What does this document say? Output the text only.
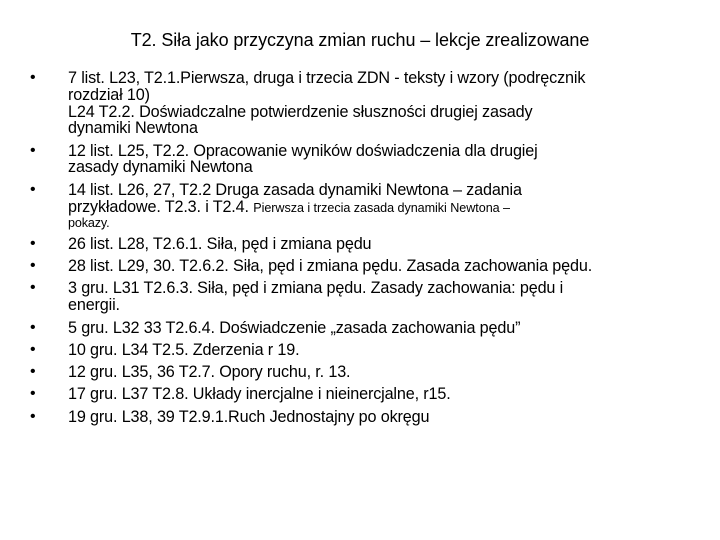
T2. Siła jako przyczyna zmian ruchu – lekcje zrealizowane
• 7 list. L23, T2.1.Pierwsza, druga i trzecia ZDN - teksty i wzory (podręcznik
rozdział 10)
L24 T2.2. Doświadczalne potwierdzenie słuszności drugiej zasady
dynamiki Newtona
• 12 list. L25, T2.2. Opracowanie wyników doświadczenia dla drugiej
zasady dynamiki Newtona
• 14 list. L26, 27, T2.2 Druga zasada dynamiki Newtona – zadania
przykładowe. T2.3. i T2.4. Pierwsza i trzecia zasada dynamiki Newtona –
pokazy.
• 26 list. L28, T2.6.1. Siła, pęd i zmiana pędu
• 28 list. L29, 30. T2.6.2. Siła, pęd i zmiana pędu. Zasada zachowania pędu.
• 3 gru. L31 T2.6.3. Siła, pęd i zmiana pędu. Zasady zachowania: pędu i
energii.
• 5 gru. L32 33 T2.6.4. Doświadczenie „zasada zachowania pędu”
• 10 gru. L34 T2.5. Zderzenia r 19.
• 12 gru. L35, 36 T2.7. Opory ruchu, r. 13.
• 17 gru. L37 T2.8. Układy inercjalne i nieinercjalne, r15.
• 19 gru. L38, 39 T2.9.1.Ruch Jednostajny po okręgu
